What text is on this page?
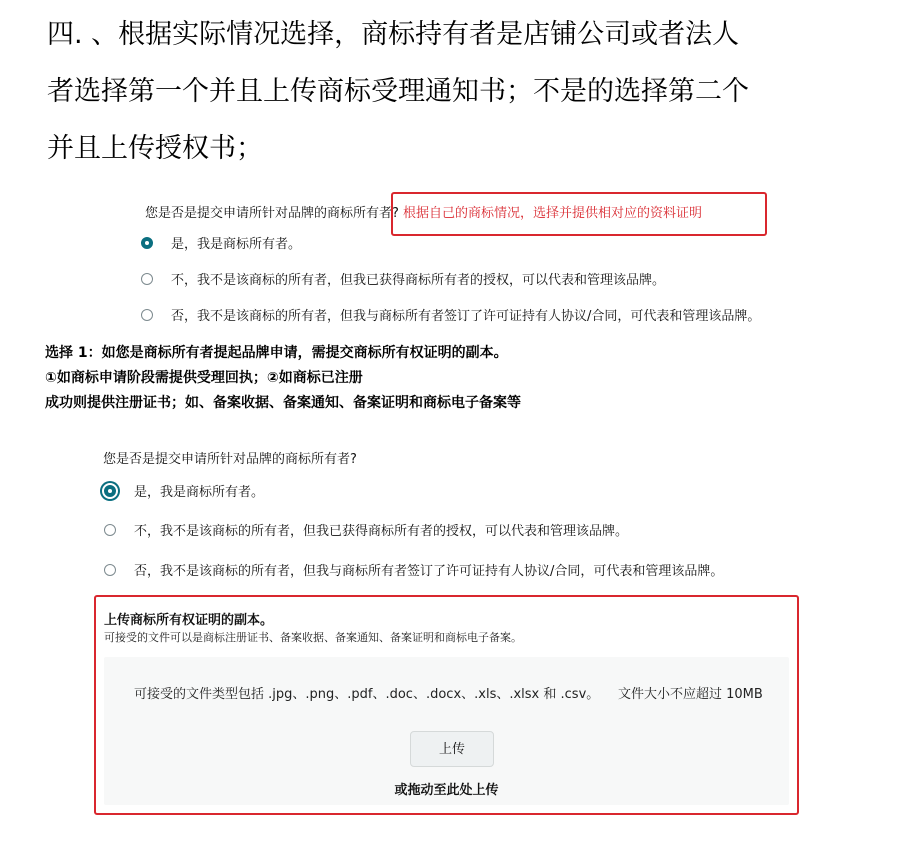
四. 、根据实际情况选择，商标持有者是店铺公司或者法人
者选择第一个并且上传商标受理通知书；不是的选择第二个
并且上传授权书；
您是否是提交申请所针对品牌的商标所有者? 根据自己的商标情况，选择并提供相对应的资料证明
是，我是商标所有者。
不，我不是该商标的所有者，但我已获得商标所有者的授权，可以代表和管理该品牌。
否，我不是该商标的所有者，但我与商标所有者签订了许可证持有人协议/合同，可代表和管理该品牌。
选择 1：如您是商标所有者提起品牌申请，需提交商标所有权证明的副本。
①如商标申请阶段需提供受理回执；②如商标已注册
成功则提供注册证书；如、备案收据、备案通知、备案证明和商标电子备案等
您是否是提交申请所针对品牌的商标所有者?
是，我是商标所有者。
不，我不是该商标的所有者，但我已获得商标所有者的授权，可以代表和管理该品牌。
否，我不是该商标的所有者，但我与商标所有者签订了许可证持有人协议/合同，可代表和管理该品牌。
上传商标所有权证明的副本。
可接受的文件可以是商标注册证书、备案收据、备案通知、备案证明和商标电子备案。
可接受的文件类型包括 .jpg、.png、.pdf、.doc、.docx、.xls、.xlsx 和 .csv。 文件大小不应超过 10MB
上传
或拖动至此处上传
